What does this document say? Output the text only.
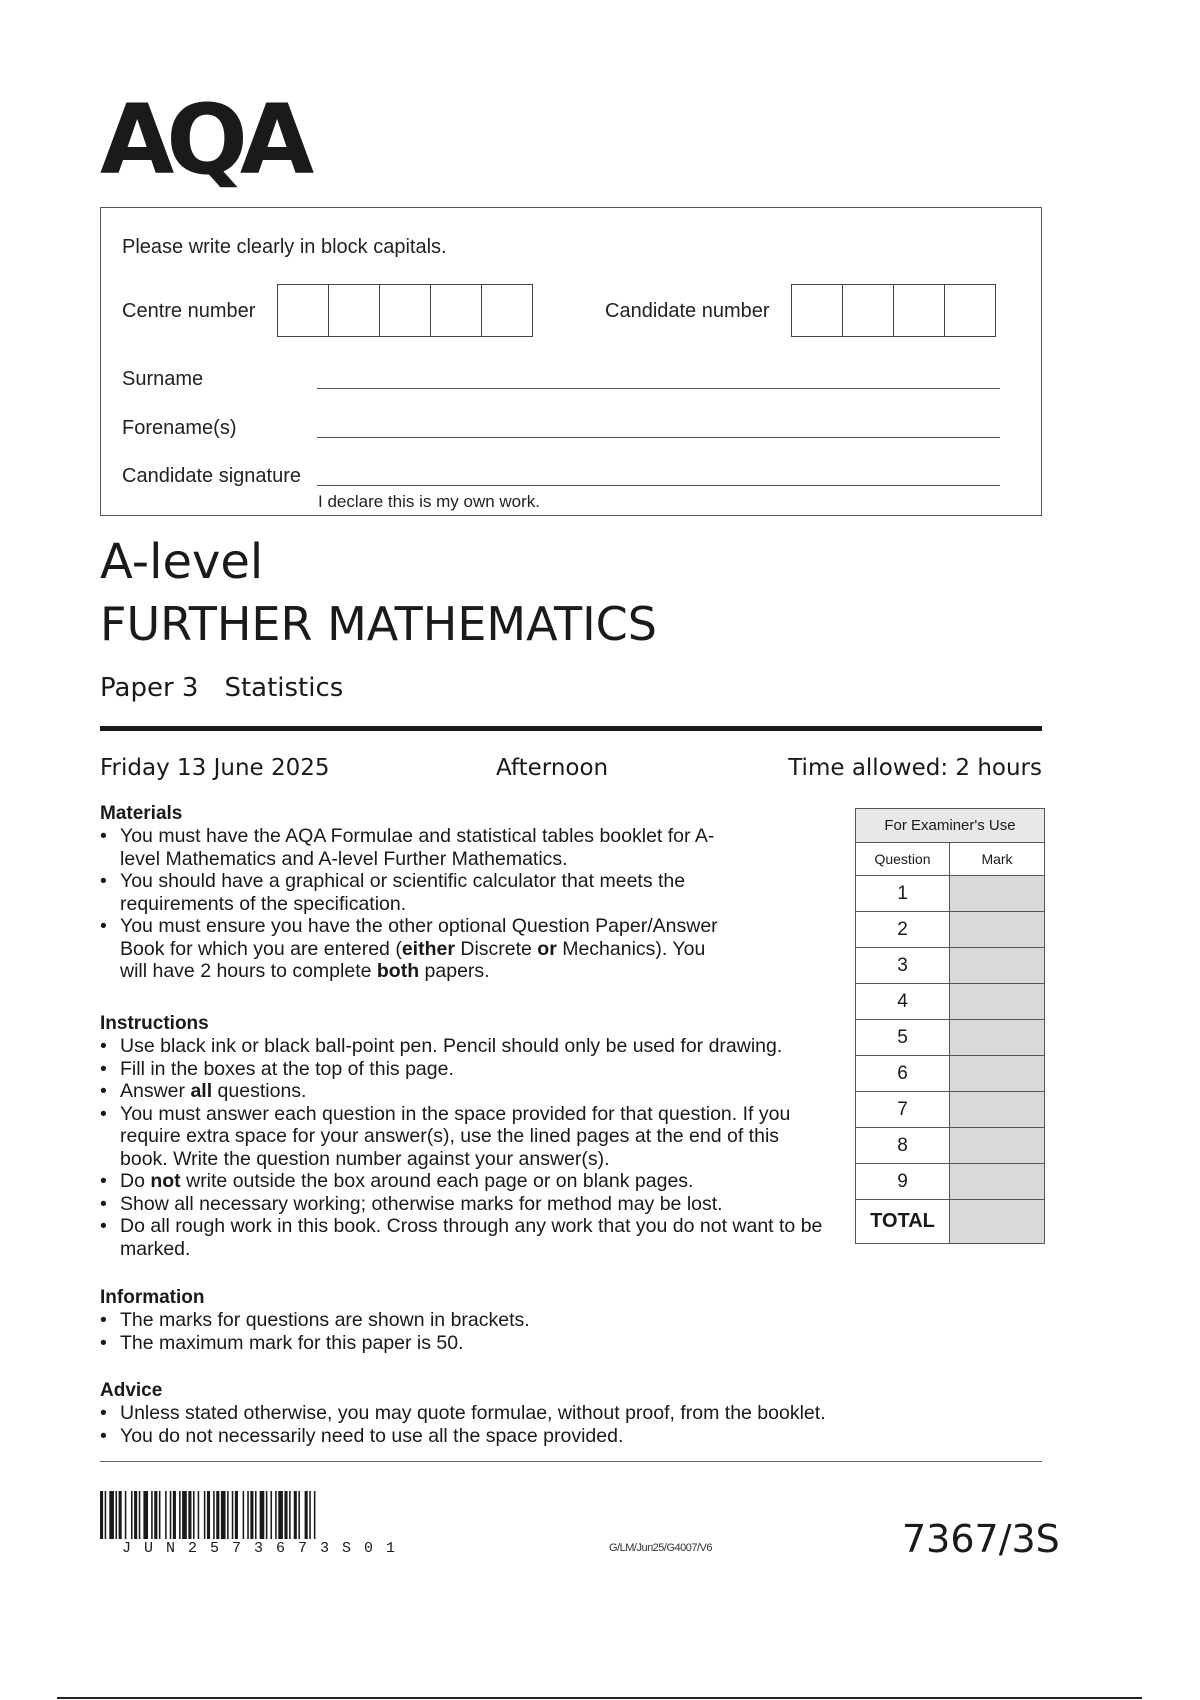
AQA
Please write clearly in block capitals.
Centre number	Candidate number
Surname
Forename(s)
Candidate signature
I declare this is my own work.
A-level
FURTHER MATHEMATICS
Paper 3 Statistics
Friday 13 June 2025	Afternoon	Time allowed: 2 hours
Materials
• You must have the AQA Formulae and statistical tables booklet for A-level Mathematics and A-level Further Mathematics.
• You should have a graphical or scientific calculator that meets the requirements of the specification.
• You must ensure you have the other optional Question Paper/Answer Book for which you are entered (either Discrete or Mechanics). You will have 2 hours to complete both papers.
Instructions
• Use black ink or black ball-point pen. Pencil should only be used for drawing.
• Fill in the boxes at the top of this page.
• Answer all questions.
• You must answer each question in the space provided for that question. If you require extra space for your answer(s), use the lined pages at the end of this book. Write the question number against your answer(s).
• Do not write outside the box around each page or on blank pages.
• Show all necessary working; otherwise marks for method may be lost.
• Do all rough work in this book. Cross through any work that you do not want to be marked.
Information
• The marks for questions are shown in brackets.
• The maximum mark for this paper is 50.
Advice
• Unless stated otherwise, you may quote formulae, without proof, from the booklet.
• You do not necessarily need to use all the space provided.
For Examiner's Use	
Question	Mark
1	
2	
3	
4	
5	
6	
7	
8	
9	
TOTAL	
JUN2573673S01	G/LM/Jun25/G4007/V6	7367/3S
